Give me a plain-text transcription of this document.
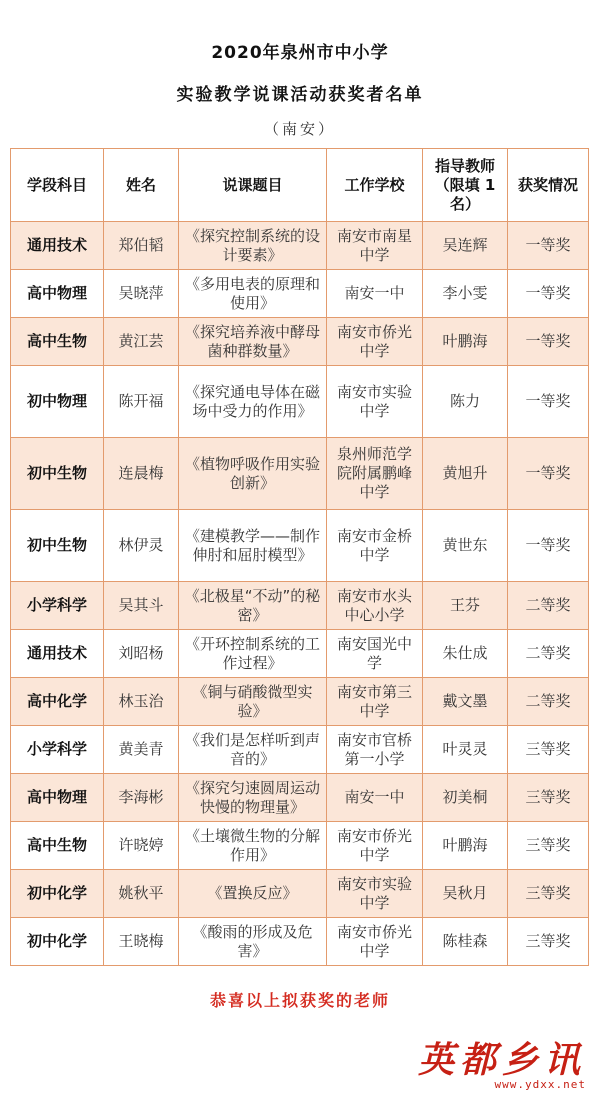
2020年泉州市中小学
实验教学说课活动获奖者名单
（南安）
学段科目	姓名	说课题目	工作学校	指导教师（限填 1 名）	获奖情况
通用技术	郑伯韬	《探究控制系统的设计要素》	南安市南星中学	吴连辉	一等奖
高中物理	吴晓萍	《多用电表的原理和使用》	南安一中	李小雯	一等奖
高中生物	黄江芸	《探究培养液中酵母菌种群数量》	南安市侨光中学	叶鹏海	一等奖
初中物理	陈开福	《探究通电导体在磁场中受力的作用》	南安市实验中学	陈力	一等奖
初中生物	连晨梅	《植物呼吸作用实验创新》	泉州师范学院附属鹏峰中学	黄旭升	一等奖
初中生物	林伊灵	《建模教学——制作伸肘和屈肘模型》	南安市金桥中学	黄世东	一等奖
小学科学	吴其斗	《北极星“不动”的秘密》	南安市水头中心小学	王芬	二等奖
通用技术	刘昭杨	《开环控制系统的工作过程》	南安国光中学	朱仕成	二等奖
高中化学	林玉治	《铜与硝酸微型实验》	南安市第三中学	戴文墨	二等奖
小学科学	黄美青	《我们是怎样听到声音的》	南安市官桥第一小学	叶灵灵	三等奖
高中物理	李海彬	《探究匀速圆周运动快慢的物理量》	南安一中	初美桐	三等奖
高中生物	许晓婷	《土壤微生物的分解作用》	南安市侨光中学	叶鹏海	三等奖
初中化学	姚秋平	《置换反应》	南安市实验中学	吴秋月	三等奖
初中化学	王晓梅	《酸雨的形成及危害》	南安市侨光中学	陈桂森	三等奖
恭喜以上拟获奖的老师
英都乡讯
www.ydxx.net
